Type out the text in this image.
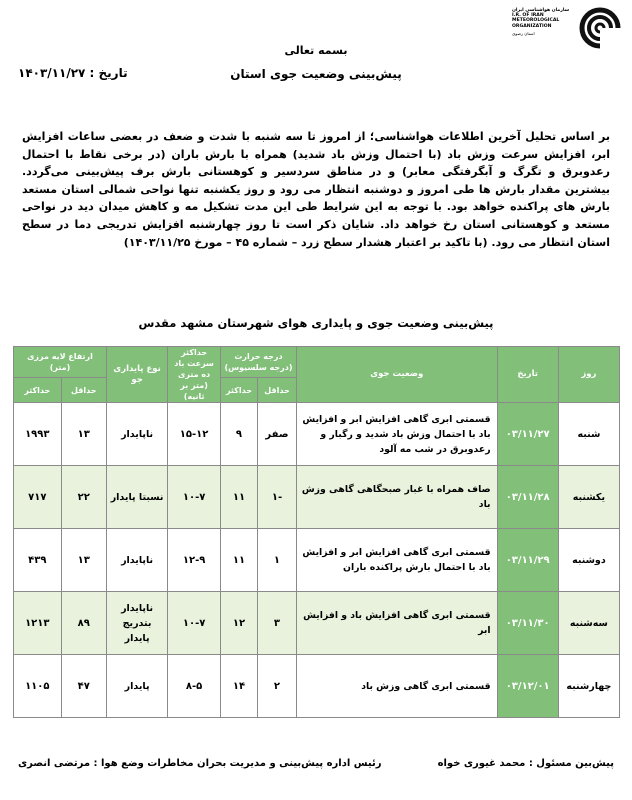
سازمان هواشناسی ایران
I.R. OF IRAN
METEOROLOGICAL
ORGANIZATION
استان رضوی
بسمه تعالی
پیش‌بینی وضعیت جوی استان
تاریخ : ۱۴۰۳/۱۱/۲۷
بر اساس تحلیل آخرین اطلاعات هواشناسی؛ از امروز تا سه شنبه با شدت و ضعف در بعضی ساعات افزایش ابر، افزایش سرعت وزش باد (با احتمال وزش باد شدید) همراه با بارش باران (در برخی نقاط با احتمال رعدوبرق و تگرگ و آبگرفتگی معابر) و در مناطق سردسیر و کوهستانی بارش برف پیش‌بینی می‌گردد. بیشترین مقدار بارش ها طی امروز و دوشنبه انتظار می رود و روز یکشنبه تنها نواحی شمالی استان مستعد بارش های پراکنده خواهد بود. با توجه به این شرایط طی این مدت تشکیل مه و کاهش میدان دید در نواحی مستعد و کوهستانی استان رخ خواهد داد. شایان ذکر است تا روز چهارشنبه افزایش تدریجی دما در سطح استان انتظار می رود. (با تاکید بر اعتبار هشدار سطح زرد – شماره ۴۵ – مورخ ۱۴۰۳/۱۱/۲۵)
پیش‌بینی وضعیت جوی و پایداری هوای شهرستان مشهد مقدس
روز	تاریخ	وضعیت جوی	درجه حرارت (درجه سلسیوس)		حداکثر سرعت باد ده متری (متر بر ثانیه)	نوع پایداری جو	ارتفاع لایه مرزی (متر)	
			حداقل	حداکثر			حداقل	حداکثر
شنبه	۰۳/۱۱/۲۷	قسمتی ابری گاهی افزایش ابر و افزایش باد با احتمال وزش باد شدید و رگبار و رعدوبرق در شب مه آلود	صفر	۹	۱۵-۱۲	ناپایدار	۱۳	۱۹۹۳
یکشنبه	۰۳/۱۱/۲۸	صاف همراه با غبار صبحگاهی گاهی وزش باد	-۱	۱۱	۱۰-۷	نسبتا پایدار	۲۲	۷۱۷
دوشنبه	۰۳/۱۱/۲۹	قسمتی ابری گاهی افزایش ابر و افزایش باد با احتمال بارش پراکنده باران	۱	۱۱	۱۲-۹	ناپایدار	۱۳	۴۳۹
سه‌شنبه	۰۳/۱۱/۳۰	قسمتی ابری گاهی افزایش باد و افزایش ابر	۳	۱۲	۱۰-۷	ناپایدار بتدریج پایدار	۸۹	۱۲۱۳
چهارشنبه	۰۳/۱۲/۰۱	قسمتی ابری گاهی وزش باد	۲	۱۴	۸-۵	پایدار	۴۷	۱۱۰۵
پیش‌بین مسئول : محمد غیوری خواه
رئیس اداره پیش‌بینی و مدیریت بحران مخاطرات وضع هوا : مرتضی انصری
